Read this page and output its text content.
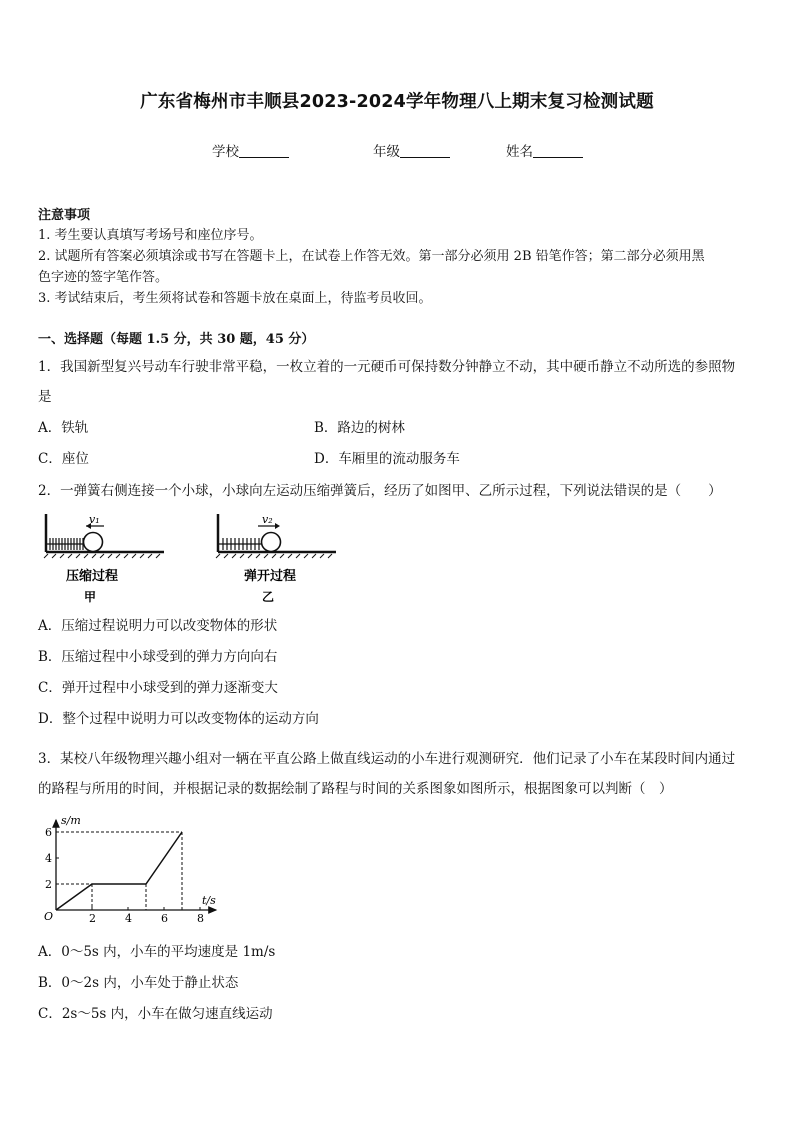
广东省梅州市丰顺县2023-2024学年物理八上期末复习检测试题
学校	年级	姓名
注意事项
1. 考生要认真填写考场号和座位序号。
2. 试题所有答案必须填涂或书写在答题卡上，在试卷上作答无效。第一部分必须用 2B 铅笔作答；第二部分必须用黑
色字迹的签字笔作答。
3. 考试结束后，考生须将试卷和答题卡放在桌面上，待监考员收回。
一、选择题（每题 1.5 分，共 30 题，45 分）
1．我国新型复兴号动车行驶非常平稳，一枚立着的一元硬币可保持数分钟静立不动，其中硬币静立不动所选的参照物
是
A．铁轨	B．路边的树林
C．座位	D．车厢里的流动服务车
2．一弹簧右侧连接一个小球，小球向左运动压缩弹簧后，经历了如图甲、乙所示过程，下列说法错误的是（　　）
v₁
压缩过程
甲
v₂
弹开过程
乙
A．压缩过程说明力可以改变物体的形状
B．压缩过程中小球受到的弹力方向向右
C．弹开过程中小球受到的弹力逐渐变大
D．整个过程中说明力可以改变物体的运动方向
3．某校八年级物理兴趣小组对一辆在平直公路上做直线运动的小车进行观测研究．他们记录了小车在某段时间内通过
的路程与所用的时间，并根据记录的数据绘制了路程与时间的关系图象如图所示，根据图象可以判断（　）
2	4	6	8
2
4
6
s/m
t/s
O
A．0～5s 内，小车的平均速度是 1m/s
B．0～2s 内，小车处于静止状态
C．2s～5s 内，小车在做匀速直线运动
